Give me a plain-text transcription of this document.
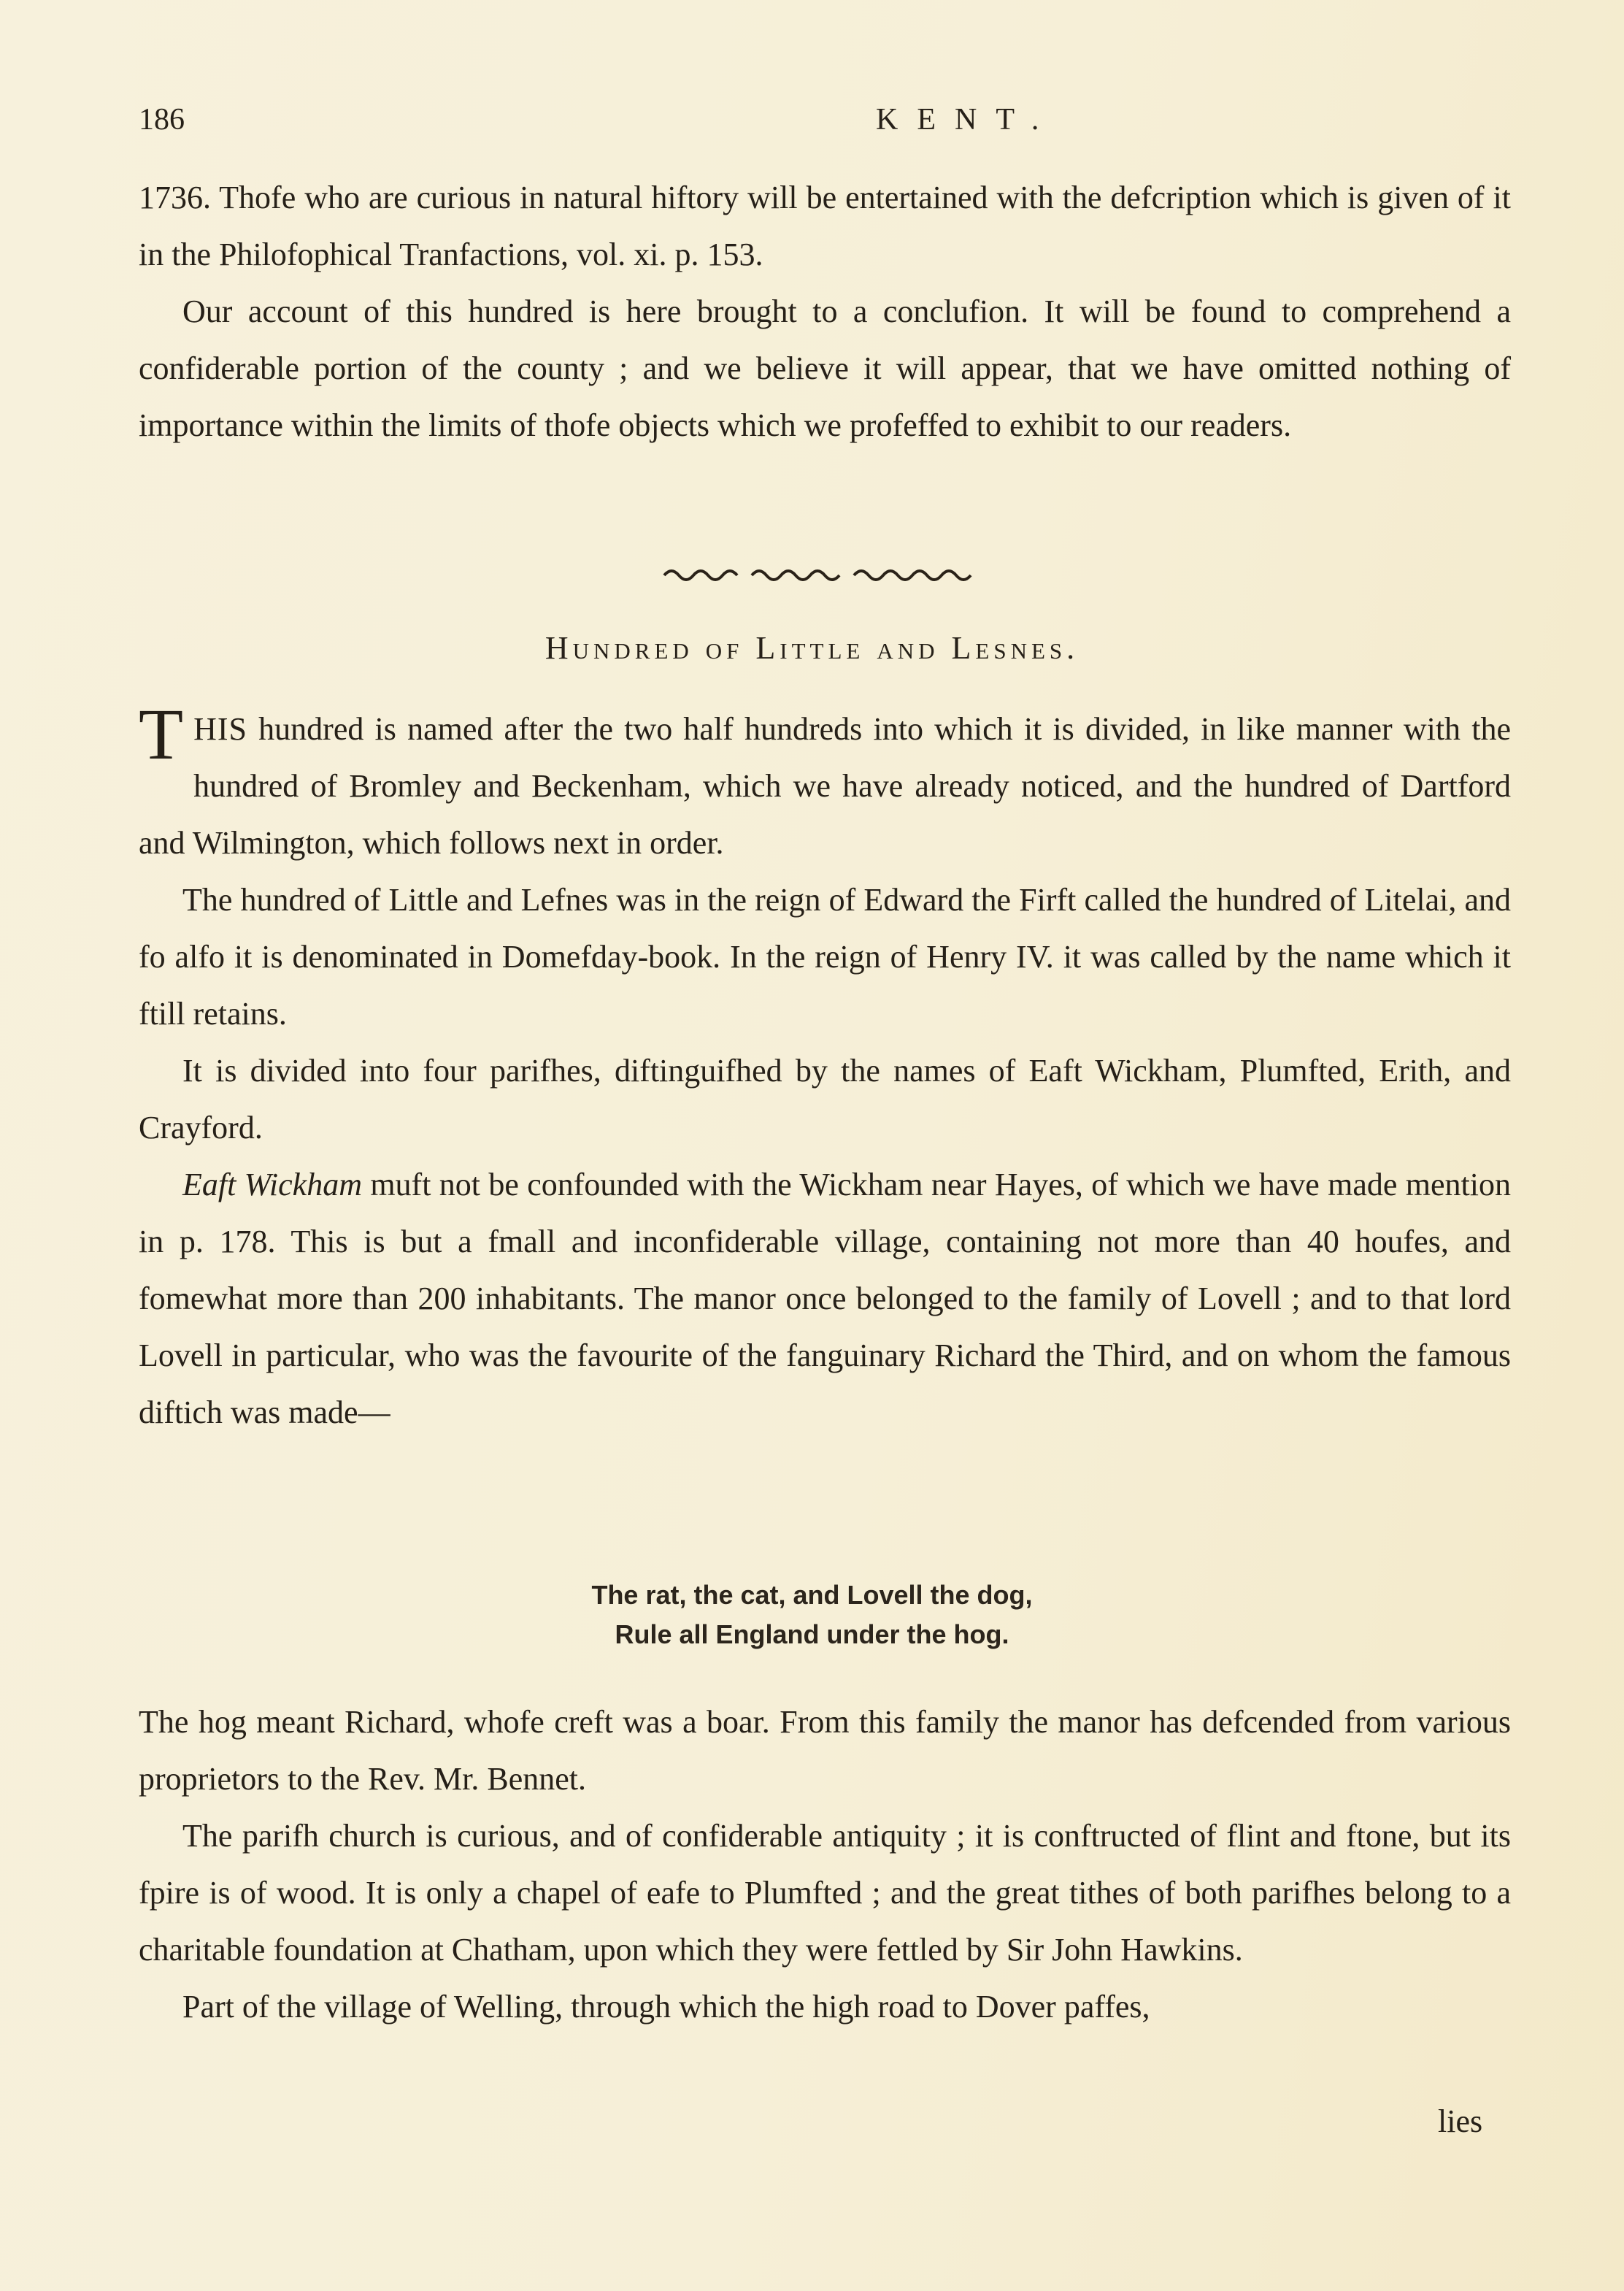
186	KENT.

1736. Thofe who are curious in natural hiftory will be entertained with the defcription which is given of it in the Philofophical Tranfactions, vol. xi. p. 153.

Our account of this hundred is here brought to a conclufion. It will be found to comprehend a confiderable portion of the county ; and we believe it will appear, that we have omitted nothing of importance within the limits of thofe objects which we profeffed to exhibit to our readers.

Hundred of Little and Lesnes.

THIS hundred is named after the two half hundreds into which it is divided, in like manner with the hundred of Bromley and Beckenham, which we have already noticed, and the hundred of Dartford and Wilmington, which follows next in order.

The hundred of Little and Lefnes was in the reign of Edward the Firft called the hundred of Litelai, and fo alfo it is denominated in Domefday-book. In the reign of Henry IV. it was called by the name which it ftill retains.

It is divided into four parifhes, diftinguifhed by the names of Eaft Wickham, Plumfted, Erith, and Crayford.

Eaft Wickham muft not be confounded with the Wickham near Hayes, of which we have made mention in p. 178. This is but a fmall and inconfiderable village, containing not more than 40 houfes, and fomewhat more than 200 inhabitants. The manor once belonged to the family of Lovell ; and to that lord Lovell in particular, who was the favourite of the fanguinary Richard the Third, and on whom the famous diftich was made—

The rat, the cat, and Lovell the dog,
Rule all England under the hog.

The hog meant Richard, whofe creft was a boar. From this family the manor has defcended from various proprietors to the Rev. Mr. Bennet.

The parifh church is curious, and of confiderable antiquity ; it is conftructed of flint and ftone, but its fpire is of wood. It is only a chapel of eafe to Plumfted ; and the great tithes of both parifhes belong to a charitable foundation at Chatham, upon which they were fettled by Sir John Hawkins.

Part of the village of Welling, through which the high road to Dover paffes,

lies
